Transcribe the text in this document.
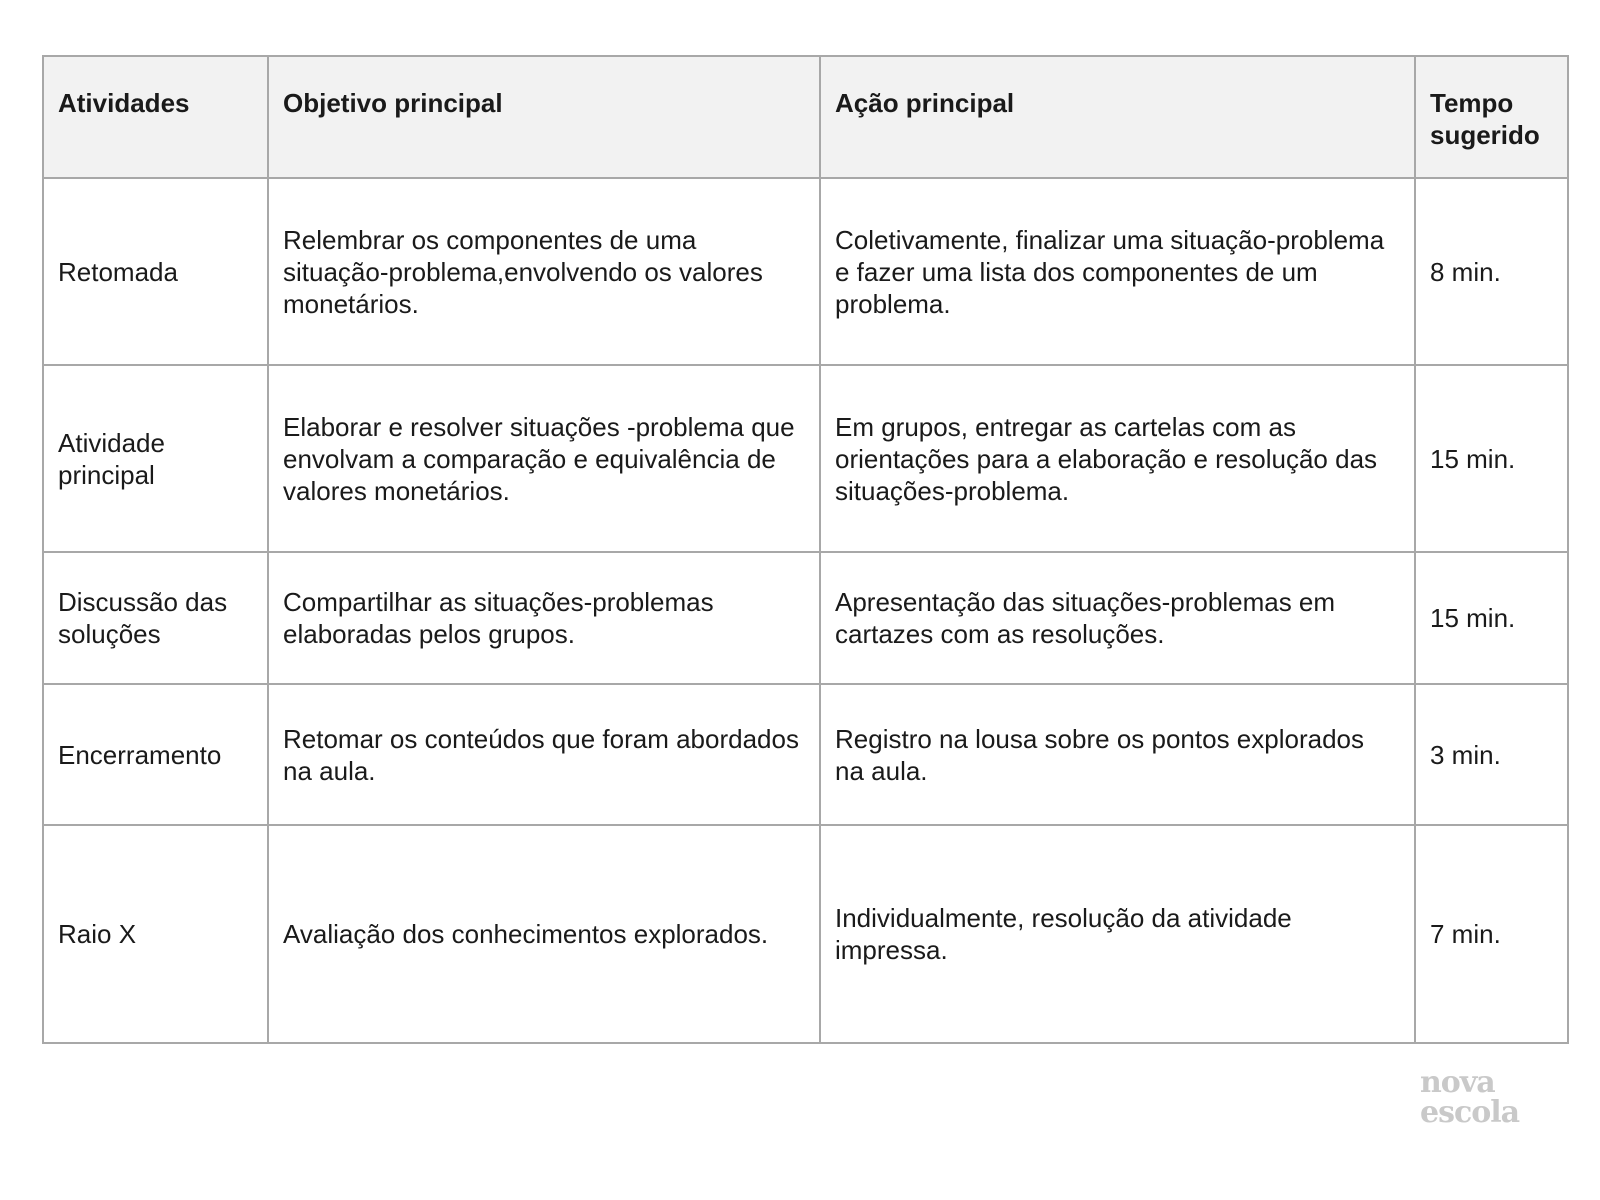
Atividades	Objetivo principal	Ação principal	Tempo sugerido
Retomada	Relembrar os componentes de uma situação-problema,envolvendo os valores monetários.	Coletivamente, finalizar uma situação-problema e fazer uma lista dos componentes de um problema.	8 min.
Atividade principal	Elaborar e resolver situações -problema que envolvam a comparação e equivalência de valores monetários.	Em grupos, entregar as cartelas com as orientações para a elaboração e resolução das situações-problema.	15 min.
Discussão das soluções	Compartilhar as situações-problemas elaboradas pelos grupos.	Apresentação das situações-problemas em cartazes com as resoluções.	15 min.
Encerramento	Retomar os conteúdos que foram abordados na aula.	Registro na lousa sobre os pontos explorados na aula.	3 min.
Raio X	Avaliação dos conhecimentos explorados.	Individualmente, resolução da atividade impressa.	7 min.
nova
escola
